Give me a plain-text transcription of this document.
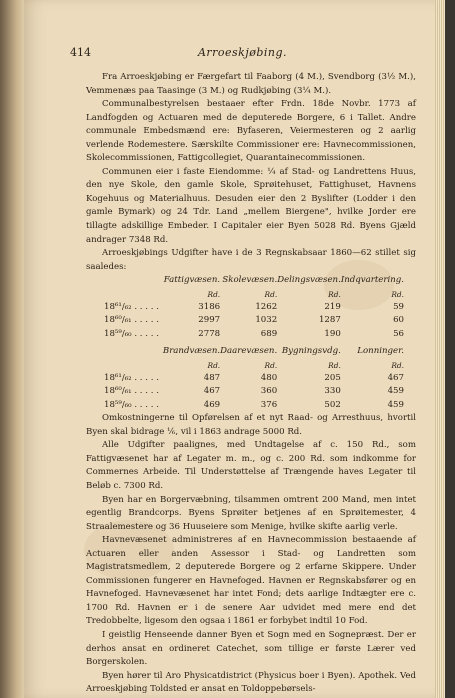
414	Arroeskjøbing.

Fra Arroeskjøbing er Færgefart til Faaborg (4 M.), Svendborg (3½ M.), Vemmenæs paa Taasinge (3 M.) og Rudkjøbing (3¼ M.).

Communalbestyrelsen bestaaer efter Frdn. 18de Novbr. 1773 af Landfogden og Actuaren med de deputerede Borgere, 6 i Tallet. Andre communale Embedsmænd ere: Byfaseren, Veiermesteren og 2 aarlig verlende Rodemestere. Særskilte Commissioner ere: Havnecommissionen, Skolecommissionen, Fattigcollegiet, Quarantainecommissionen.

Communen eier i faste Eiendomme: ¼ af Stad- og Landrettens Huus, den nye Skole, den gamle Skole, Sprøitehuset, Fattighuset, Havnens Kogehuus og Materialhuus. Desuden eier den 2 Byslifter (Lodder i den gamle Bymark) og 24 Tdr. Land „mellem Biergene", hvilke Jorder ere tillagte adskillige Embeder. I Capitaler eier Byen 5028 Rd. Byens Gjæld andrager 7348 Rd.

Arroeskjøbings Udgifter have i de 3 Regnskabsaar 1860—62 stillet sig saaledes:

	Fattigvæsen.	Skolevæsen.	Delingsvæsen.	Indqvartering.
	Rd.	Rd.	Rd.	Rd.
18⁶¹/₆₂ . . . . .	3186	1262	219	59
18⁶⁰/₆₁ . . . . .	2997	1032	1287	60
18⁵⁹/₆₀ . . . . .	2778	689	190	56

	Brandvæsen.	Daarevæsen.	Bygningsvdg.	Lonninger.
	Rd.	Rd.	Rd.	Rd.
18⁶¹/₆₂ . . . . .	487	480	205	467
18⁶⁰/₆₁ . . . . .	467	360	330	459
18⁵⁹/₆₀ . . . . .	469	376	502	459

Omkostningerne til Opførelsen af et nyt Raad- og Arresthuus, hvortil Byen skal bidrage ⅙, vil i 1863 andrage 5000 Rd.

Alle Udgifter paalignes, med Undtagelse af c. 150 Rd., som Fattigvæsenet har af Legater m. m., og c. 200 Rd. som indkomme for Commernes Arbeide. Til Understøttelse af Trængende haves Legater til Beløb c. 7300 Rd.

Byen har en Borgervæbning, tilsammen omtrent 200 Mand, men intet egentlig Brandcorps. Byens Sprøiter betjenes af en Sprøitemester, 4 Straalemestere og 36 Huuseiere som Menige, hvilke skifte aarlig verle.

Havnevæsenet administreres af en Havnecommission bestaaende af Actuaren eller anden Assessor i Stad- og Landretten som Magistratsmedlem, 2 deputerede Borgere og 2 erfarne Skippere. Under Commissionen fungerer en Havnefoged. Havnen er Regnskabsfører og en Havnefoged. Havnevæsenet har intet Fond; dets aarlige Indtægter ere c. 1700 Rd. Havnen er i de senere Aar udvidet med mere end det Tredobbelte, ligesom den ogsaa i 1861 er forbybet indtil 10 Fod.

I geistlig Henseende danner Byen et Sogn med en Sognepræst. Der er derhos ansat en ordineret Catechet, som tillige er første Lærer ved Borgerskolen.

Byen hører til Aro Physicatdistrict (Physicus boer i Byen). Apothek. Ved Arroeskjøbing Toldsted er ansat en Toldoppebørsels-
